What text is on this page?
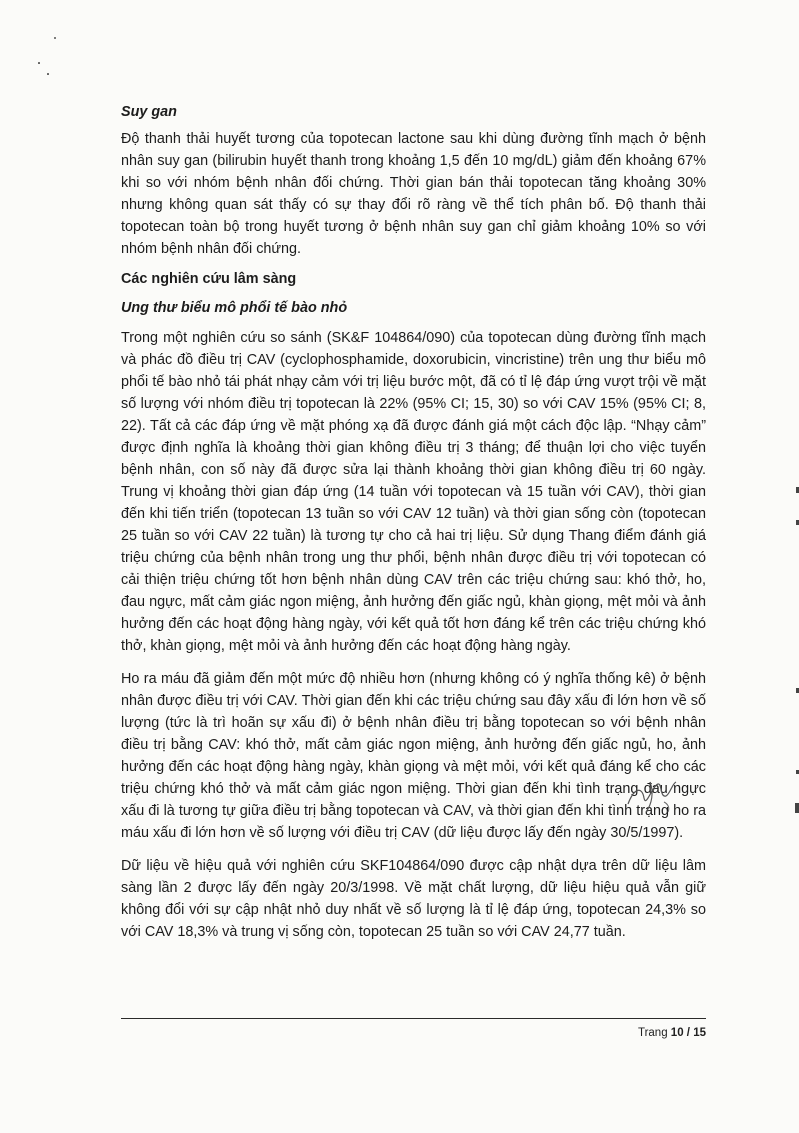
Suy gan

Độ thanh thải huyết tương của topotecan lactone sau khi dùng đường tĩnh mạch ở bệnh nhân suy gan (bilirubin huyết thanh trong khoảng 1,5 đến 10 mg/dL) giảm đến khoảng 67% khi so với nhóm bệnh nhân đối chứng. Thời gian bán thải topotecan tăng khoảng 30% nhưng không quan sát thấy có sự thay đổi rõ ràng về thể tích phân bố. Độ thanh thải topotecan toàn bộ trong huyết tương ở bệnh nhân suy gan chỉ giảm khoảng 10% so với nhóm bệnh nhân đối chứng.

Các nghiên cứu lâm sàng

Ung thư biểu mô phổi tế bào nhỏ

Trong một nghiên cứu so sánh (SK&F 104864/090) của topotecan dùng đường tĩnh mạch và phác đồ điều trị CAV (cyclophosphamide, doxorubicin, vincristine) trên ung thư biểu mô phổi tế bào nhỏ tái phát nhạy cảm với trị liệu bước một, đã có tỉ lệ đáp ứng vượt trội về mặt số lượng với nhóm điều trị topotecan là 22% (95% CI; 15, 30) so với CAV 15% (95% CI; 8, 22). Tất cả các đáp ứng về mặt phóng xạ đã được đánh giá một cách độc lập. “Nhạy cảm” được định nghĩa là khoảng thời gian không điều trị 3 tháng; để thuận lợi cho việc tuyển bệnh nhân, con số này đã được sửa lại thành khoảng thời gian không điều trị 60 ngày. Trung vị khoảng thời gian đáp ứng (14 tuần với topotecan và 15 tuần với CAV), thời gian đến khi tiến triển (topotecan 13 tuần so với CAV 12 tuần) và thời gian sống còn (topotecan 25 tuần so với CAV 22 tuần) là tương tự cho cả hai trị liệu. Sử dụng Thang điểm đánh giá triệu chứng của bệnh nhân trong ung thư phổi, bệnh nhân được điều trị với topotecan có cải thiện triệu chứng tốt hơn bệnh nhân dùng CAV trên các triệu chứng sau: khó thở, ho, đau ngực, mất cảm giác ngon miệng, ảnh hưởng đến giấc ngủ, khàn giọng, mệt mỏi và ảnh hưởng đến các hoạt động hàng ngày, với kết quả tốt hơn đáng kể trên các triệu chứng khó thở, khàn giọng, mệt mỏi và ảnh hưởng đến các hoạt động hàng ngày.

Ho ra máu đã giảm đến một mức độ nhiều hơn (nhưng không có ý nghĩa thống kê) ở bệnh nhân được điều trị với CAV. Thời gian đến khi các triệu chứng sau đây xấu đi lớn hơn về số lượng (tức là trì hoãn sự xấu đi) ở bệnh nhân điều trị bằng topotecan so với bệnh nhân điều trị bằng CAV: khó thở, mất cảm giác ngon miệng, ảnh hưởng đến giấc ngủ, ho, ảnh hưởng đến các hoạt động hàng ngày, khàn giọng và mệt mỏi, với kết quả đáng kể cho các triệu chứng khó thở và mất cảm giác ngon miệng. Thời gian đến khi tình trạng đau ngực xấu đi là tương tự giữa điều trị bằng topotecan và CAV, và thời gian đến khi tình trạng ho ra máu xấu đi lớn hơn về số lượng với điều trị CAV (dữ liệu được lấy đến ngày 30/5/1997).

Dữ liệu về hiệu quả với nghiên cứu SKF104864/090 được cập nhật dựa trên dữ liệu lâm sàng lần 2 được lấy đến ngày 20/3/1998. Về mặt chất lượng, dữ liệu hiệu quả vẫn giữ không đổi với sự cập nhật nhỏ duy nhất về số lượng là tỉ lệ đáp ứng, topotecan 24,3% so với CAV 18,3% và trung vị sống còn, topotecan 25 tuần so với CAV 24,77 tuần.

Trang 10 / 15
